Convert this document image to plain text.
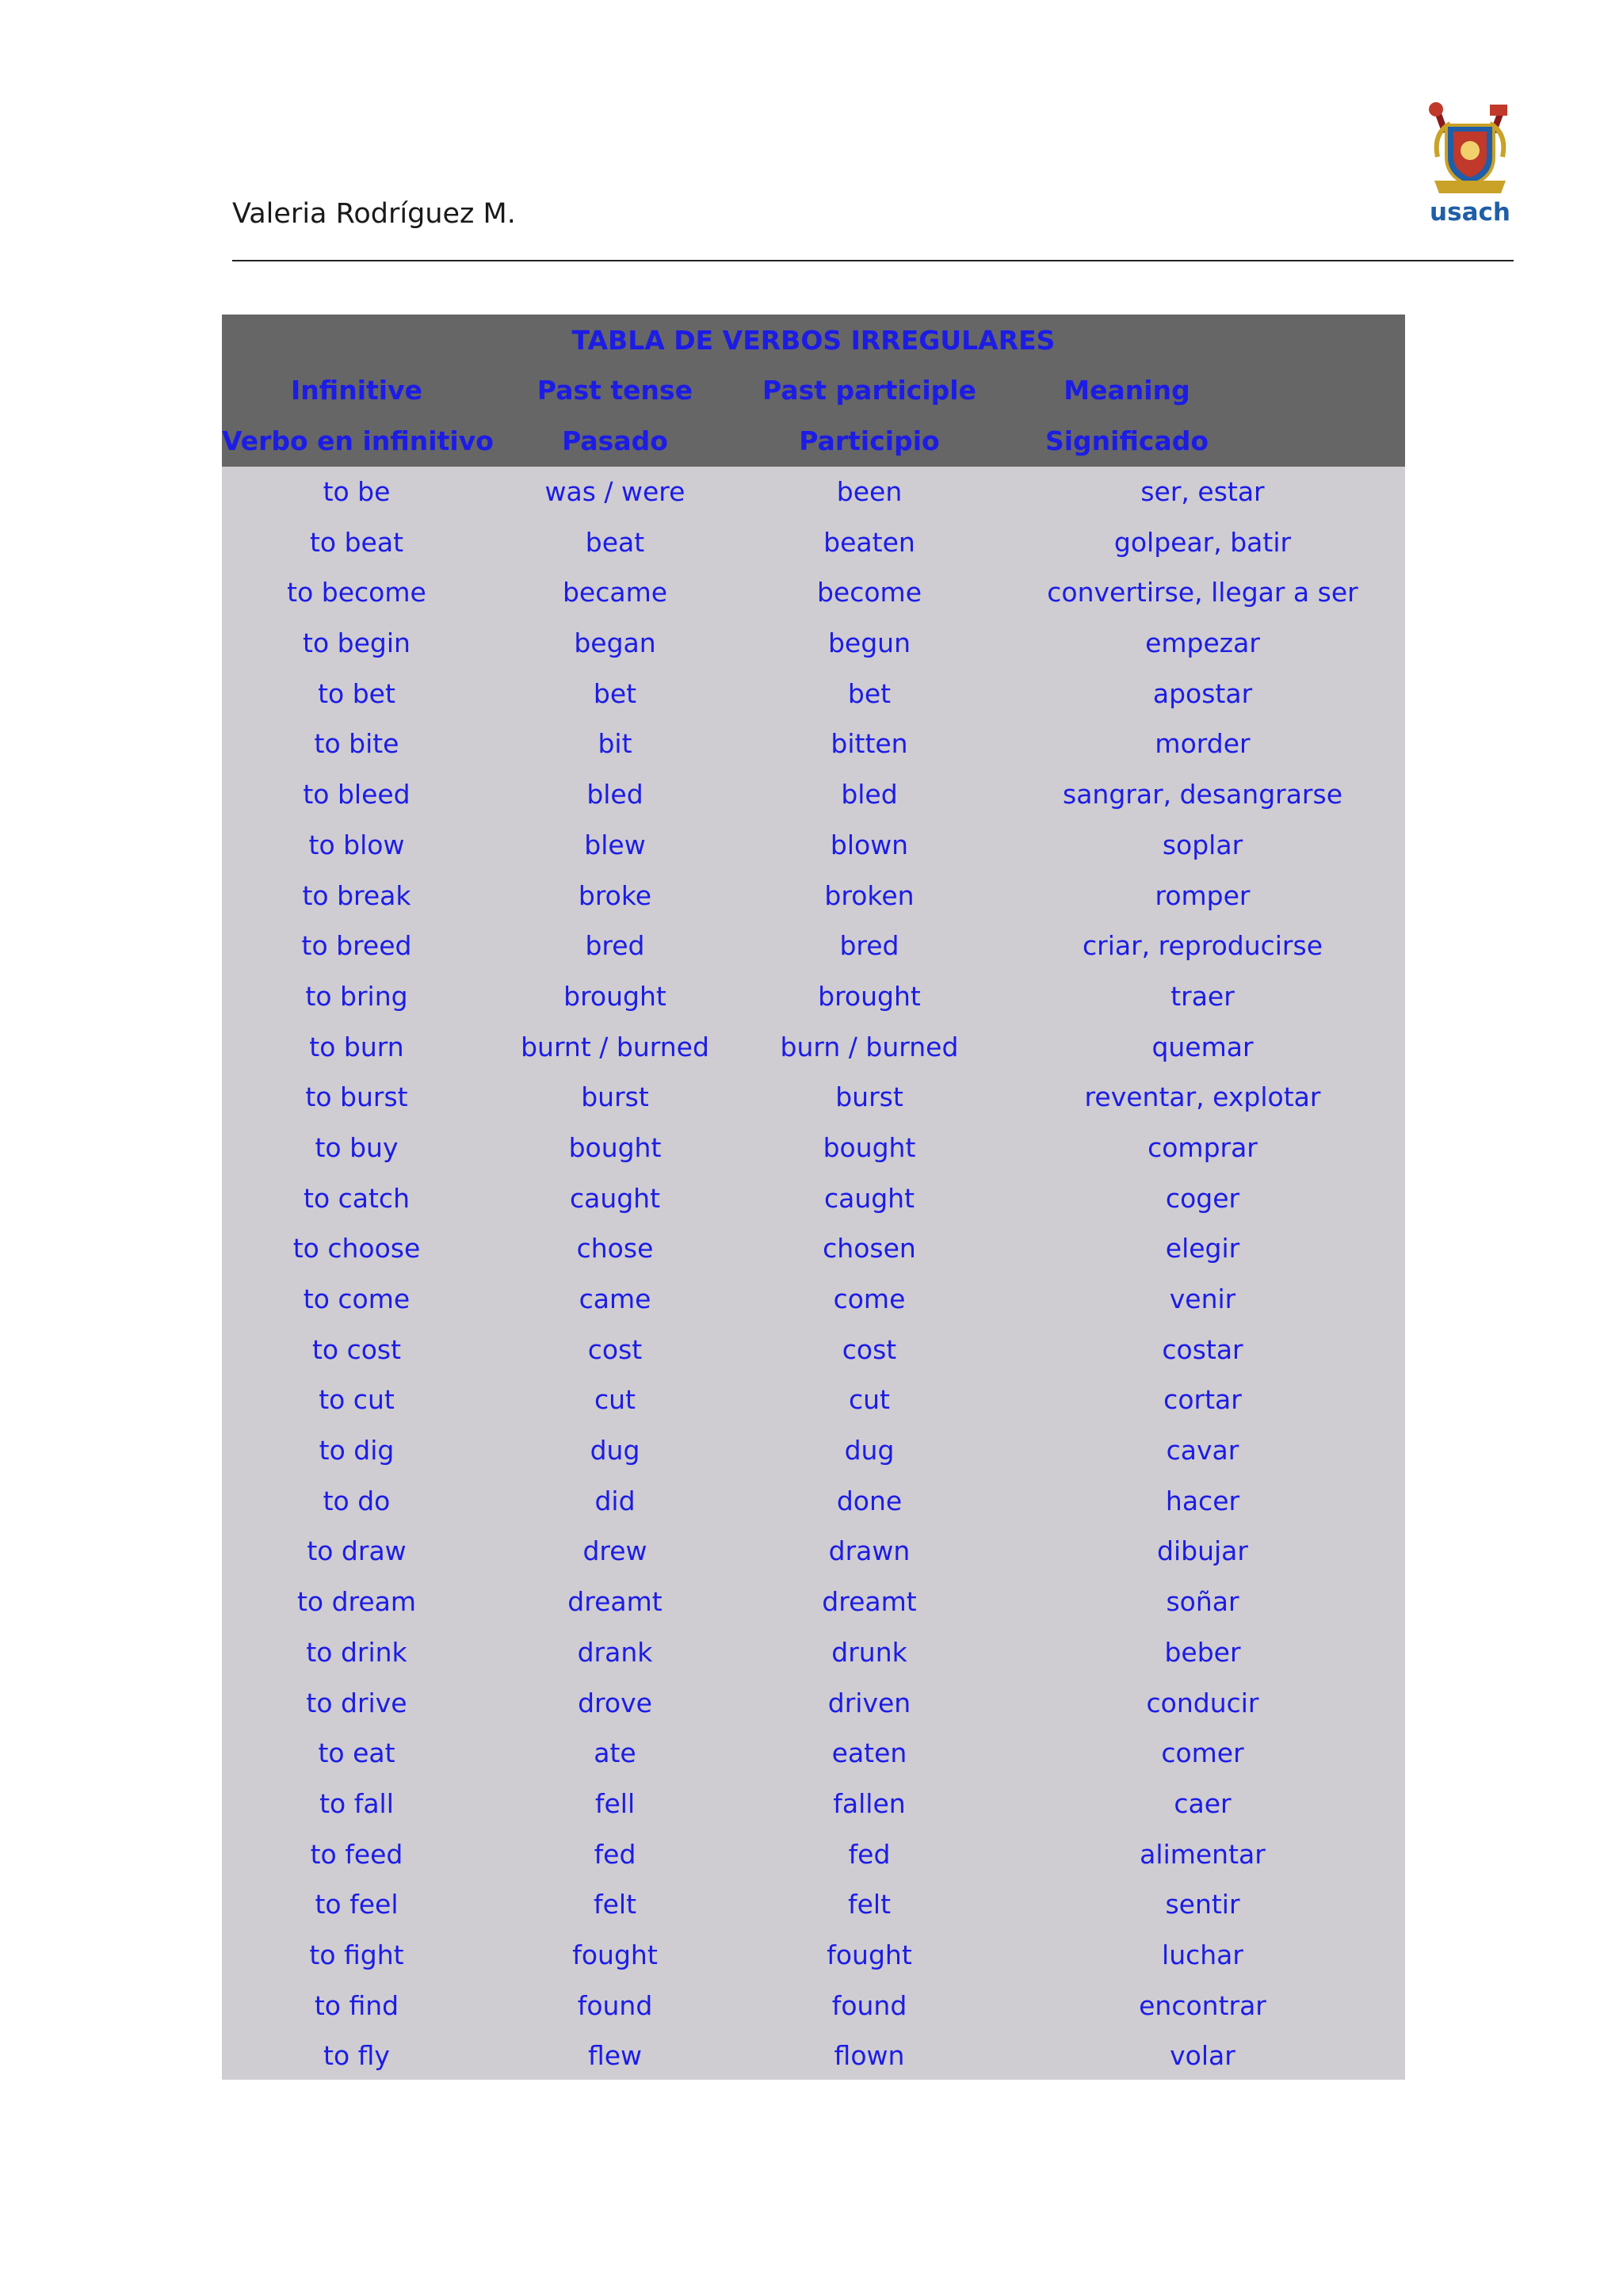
Valeria Rodríguez M.	usach
TABLA DE VERBOS IRREGULARES
Infinitive	Past tense	Past participle	Meaning
Verbo en infinitivo	Pasado	Participio	Significado
to be	was / were	been	ser, estar
to beat	beat	beaten	golpear, batir
to become	became	become	convertirse, llegar a ser
to begin	began	begun	empezar
to bet	bet	bet	apostar
to bite	bit	bitten	morder
to bleed	bled	bled	sangrar, desangrarse
to blow	blew	blown	soplar
to break	broke	broken	romper
to breed	bred	bred	criar, reproducirse
to bring	brought	brought	traer
to burn	burnt / burned	burn / burned	quemar
to burst	burst	burst	reventar, explotar
to buy	bought	bought	comprar
to catch	caught	caught	coger
to choose	chose	chosen	elegir
to come	came	come	venir
to cost	cost	cost	costar
to cut	cut	cut	cortar
to dig	dug	dug	cavar
to do	did	done	hacer
to draw	drew	drawn	dibujar
to dream	dreamt	dreamt	soñar
to drink	drank	drunk	beber
to drive	drove	driven	conducir
to eat	ate	eaten	comer
to fall	fell	fallen	caer
to feed	fed	fed	alimentar
to feel	felt	felt	sentir
to fight	fought	fought	luchar
to find	found	found	encontrar
to fly	flew	flown	volar
